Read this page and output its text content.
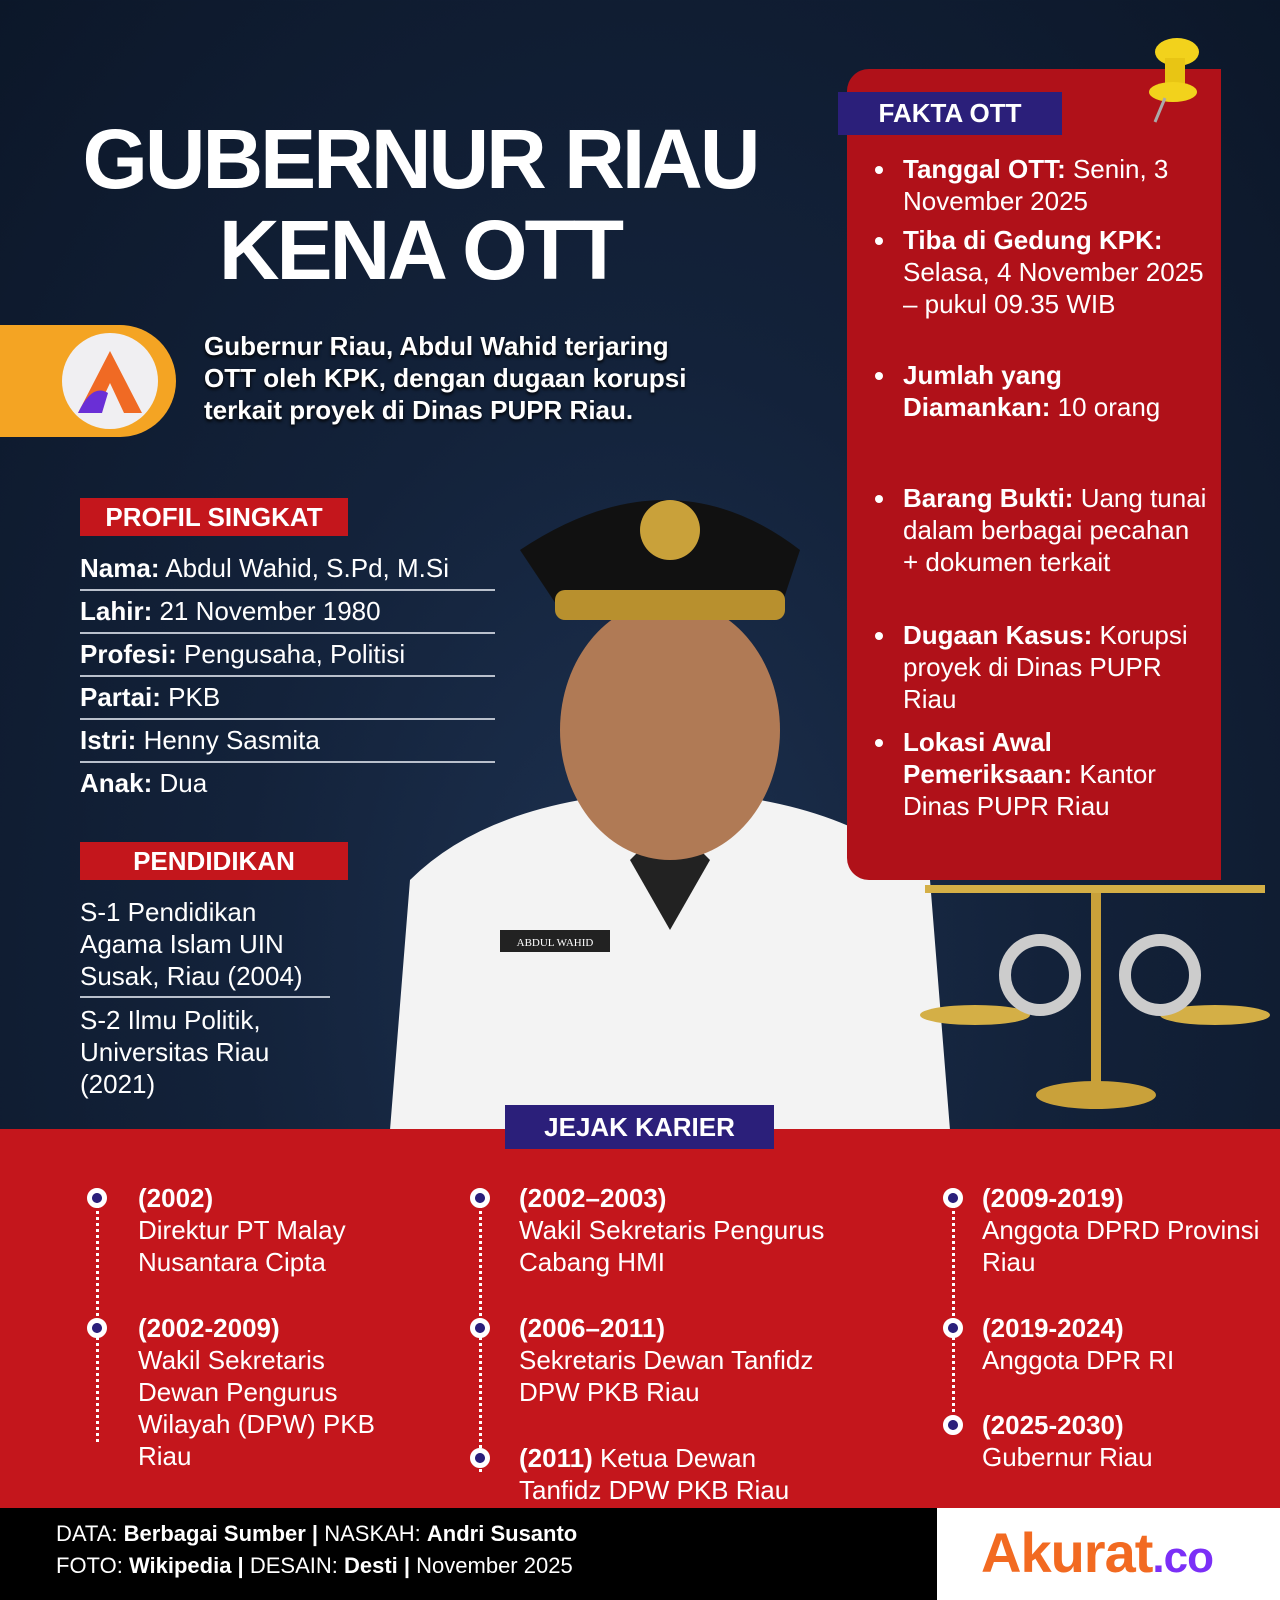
GUBERNUR RIAU
KENA OTT
Gubernur Riau, Abdul Wahid terjaring
OTT oleh KPK, dengan dugaan korupsi
terkait proyek di Dinas PUPR Riau.
PROFIL SINGKAT
Nama: Abdul Wahid, S.Pd, M.Si
Lahir: 21 November 1980
Profesi: Pengusaha, Politisi
Partai: PKB
Istri: Henny Sasmita
Anak: Dua
PENDIDIKAN
S-1 Pendidikan Agama Islam UIN Susak, Riau (2004)
S-2 Ilmu Politik, Universitas Riau (2021)
ABDUL WAHID
Tanggal OTT: Senin, 3 November 2025
Tiba di Gedung KPK: Selasa, 4 November 2025 – pukul 09.35 WIB
Jumlah yang Diamankan: 10 orang
Barang Bukti: Uang tunai dalam berbagai pecahan + dokumen terkait
Dugaan Kasus: Korupsi proyek di Dinas PUPR Riau
Lokasi Awal Pemeriksaan: Kantor Dinas PUPR Riau
FAKTA OTT
(2002)
Direktur PT Malay Nusantara Cipta
(2002-2009)
Wakil Sekretaris Dewan Pengurus Wilayah (DPW) PKB Riau
(2002–2003)
Wakil Sekretaris Pengurus Cabang HMI
(2006–2011)
Sekretaris Dewan Tanfidz DPW PKB Riau
(2011) Ketua Dewan Tanfidz DPW PKB Riau
(2009-2019)
Anggota DPRD Provinsi Riau
(2019-2024)
Anggota DPR RI
(2025-2030)
Gubernur Riau
JEJAK KARIER
DATA: Berbagai Sumber | NASKAH: Andri Susanto
FOTO: Wikipedia | DESAIN: Desti | November 2025	Akurat.co
